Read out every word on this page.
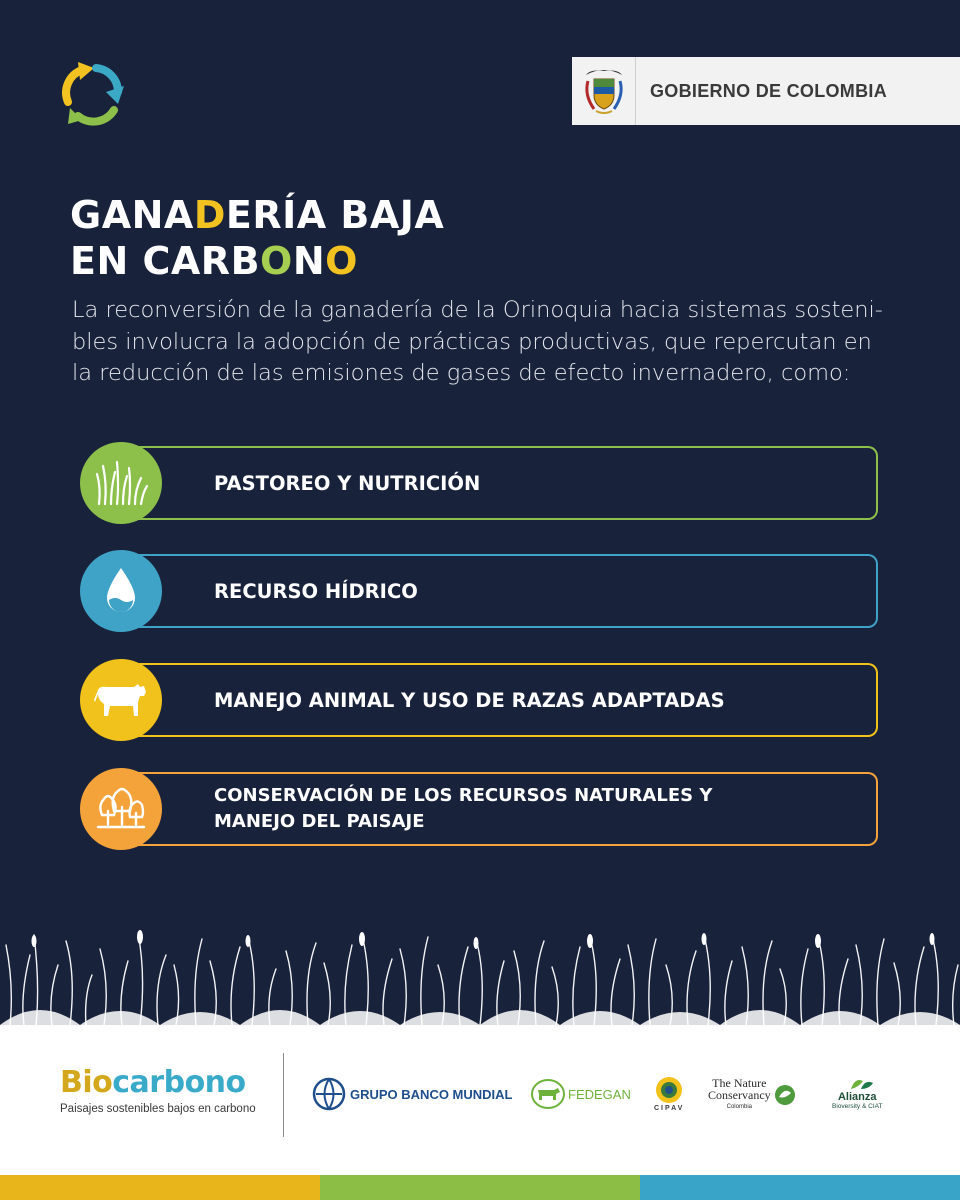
GOBIERNO DE COLOMBIA
GANADERÍA BAJA
EN CARBONO

La reconversión de la ganadería de la Orinoquia hacia sistemas sosteni-
bles involucra la adopción de prácticas productivas, que repercutan en
la reducción de las emisiones de gases de efecto invernadero, como:

PASTOREO Y NUTRICIÓN
RECURSO HÍDRICO
MANEJO ANIMAL Y USO DE RAZAS ADAPTADAS
CONSERVACIÓN DE LOS RECURSOS NATURALES Y
MANEJO DEL PAISAJE
Biocarbono
Paisajes sostenibles bajos en carbono
GRUPO BANCO MUNDIAL	FEDEGAN
CIPAV
The Nature
Conservancy
Colombia
Alianza
Bioversity & CIAT
